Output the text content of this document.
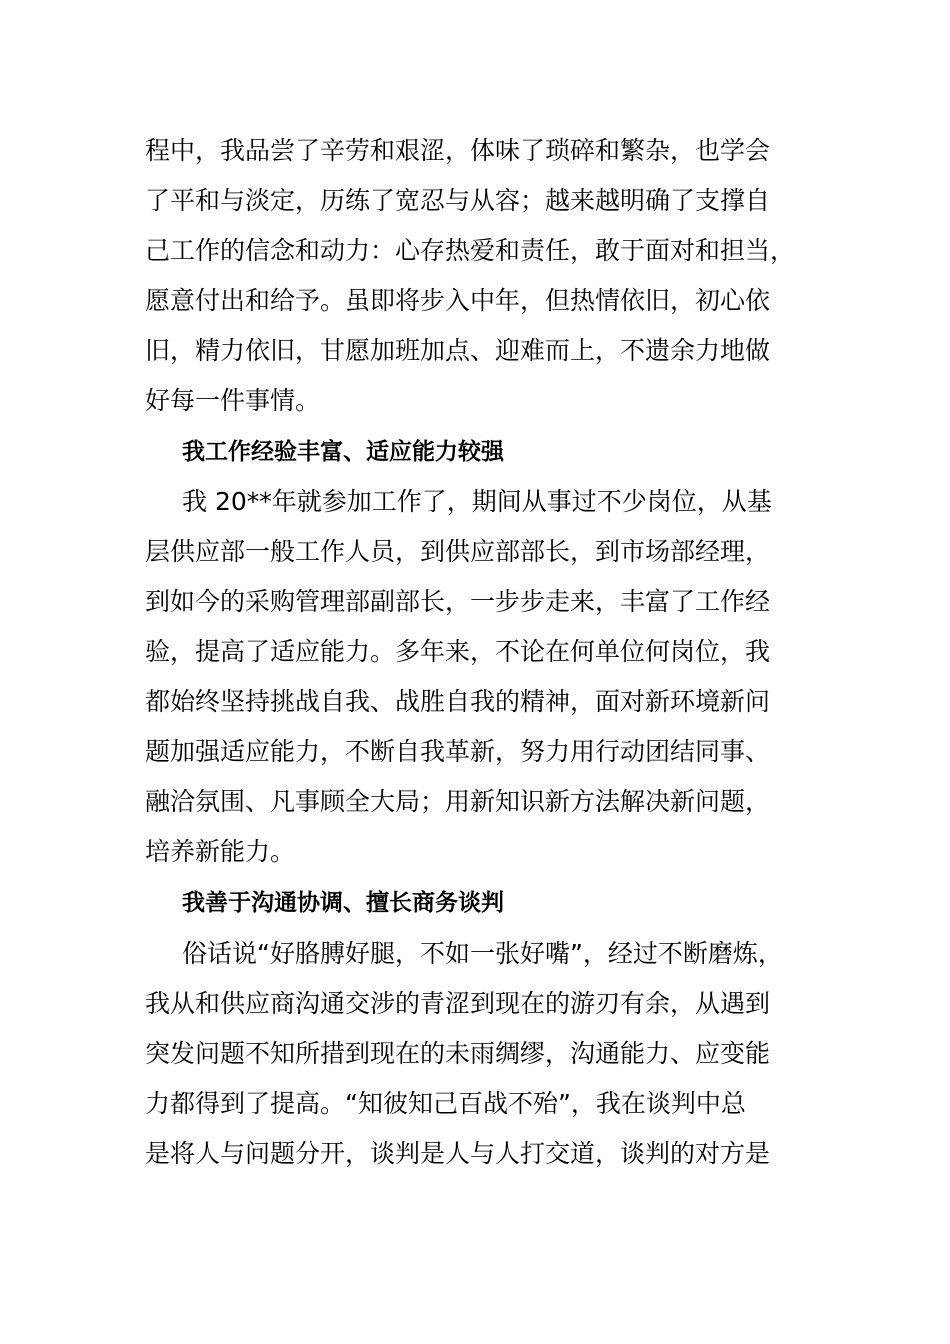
程中，我品尝了辛劳和艰涩，体味了琐碎和繁杂，也学会
了平和与淡定，历练了宽忍与从容；越来越明确了支撑自
己工作的信念和动力：心存热爱和责任，敢于面对和担当，
愿意付出和给予。虽即将步入中年，但热情依旧，初心依
旧，精力依旧，甘愿加班加点、迎难而上，不遗余力地做
好每一件事情。
我工作经验丰富、适应能力较强
我 20**年就参加工作了，期间从事过不少岗位，从基
层供应部一般工作人员，到供应部部长，到市场部经理，
到如今的采购管理部副部长，一步步走来，丰富了工作经
验，提高了适应能力。多年来，不论在何单位何岗位，我
都始终坚持挑战自我、战胜自我的精神，面对新环境新问
题加强适应能力，不断自我革新，努力用行动团结同事、
融洽氛围、凡事顾全大局；用新知识新方法解决新问题，
培养新能力。
我善于沟通协调、擅长商务谈判
俗话说“好胳膊好腿，不如一张好嘴”，经过不断磨炼，
我从和供应商沟通交涉的青涩到现在的游刃有余，从遇到
突发问题不知所措到现在的未雨绸缪，沟通能力、应变能
力都得到了提高。“知彼知己百战不殆”，我在谈判中总
是将人与问题分开，谈判是人与人打交道，谈判的对方是
